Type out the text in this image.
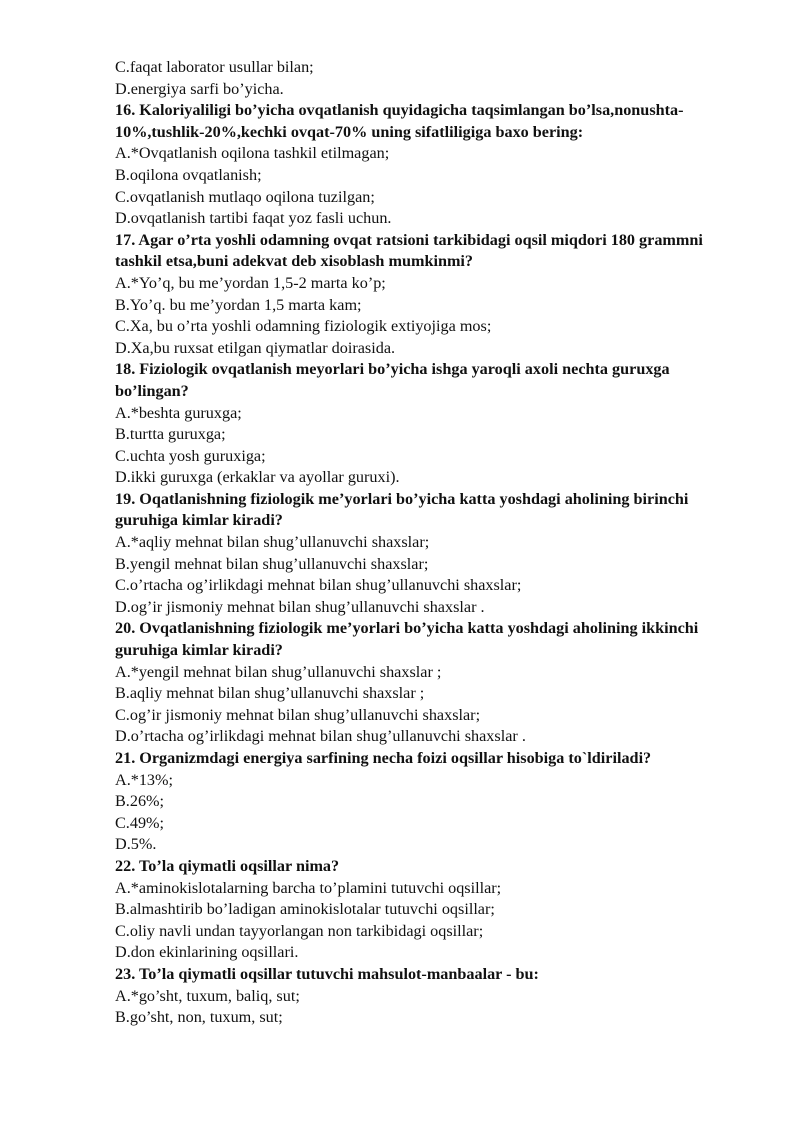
C.faqat laborator usullar bilan;
D.energiya sarfi bo’yicha.
16. Kaloriyaliligi bo’yicha ovqatlanish quyidagicha taqsimlangan bo’lsa,nonushta-10%,tushlik-20%,kechki ovqat-70% uning sifatliligiga baxo bering:
A.*Ovqatlanish oqilona tashkil etilmagan;
B.oqilona ovqatlanish;
C.ovqatlanish mutlaqo oqilona tuzilgan;
D.ovqatlanish tartibi faqat yoz fasli uchun.
17. Agar o’rta yoshli odamning ovqat ratsioni tarkibidagi oqsil miqdori 180 grammni tashkil etsa,buni adekvat deb xisoblash mumkinmi?
A.*Yo’q, bu me’yordan 1,5-2 marta ko’p;
B.Yo’q. bu me’yordan 1,5 marta kam;
C.Xa, bu o’rta yoshli odamning fiziologik extiyojiga mos;
D.Xa,bu ruxsat etilgan qiymatlar doirasida.
18. Fiziologik ovqatlanish meyorlari bo’yicha ishga yaroqli axoli nechta guruxga bo’lingan?
A.*beshta guruxga;
B.turtta guruxga;
C.uchta yosh guruxiga;
D.ikki guruxga (erkaklar va ayollar guruxi).
19. Oqatlanishning fiziologik me’yorlari bo’yicha katta yoshdagi aholining birinchi guruhiga kimlar kiradi?
A.*aqliy mehnat bilan shug’ullanuvchi shaxslar;
B.yengil mehnat bilan shug’ullanuvchi shaxslar;
C.o’rtacha og’irlikdagi mehnat bilan shug’ullanuvchi shaxslar;
D.og’ir jismoniy mehnat bilan shug’ullanuvchi shaxslar .
20. Ovqatlanishning fiziologik me’yorlari bo’yicha katta yoshdagi aholining ikkinchi guruhiga kimlar kiradi?
A.*yengil mehnat bilan shug’ullanuvchi shaxslar ;
B.aqliy mehnat bilan shug’ullanuvchi shaxslar ;
C.og’ir jismoniy mehnat bilan shug’ullanuvchi shaxslar;
D.o’rtacha og’irlikdagi mehnat bilan shug’ullanuvchi shaxslar .
21. Organizmdagi energiya sarfining necha foizi oqsillar hisobiga to`ldiriladi?
A.*13%;
B.26%;
C.49%;
D.5%.
22. To’la qiymatli oqsillar nima?
A.*aminokislotalarning barcha to’plamini tutuvchi oqsillar;
B.almashtirib bo’ladigan aminokislotalar tutuvchi oqsillar;
C.oliy navli undan tayyorlangan non tarkibidagi oqsillar;
D.don ekinlarining oqsillari.
23. To’la qiymatli oqsillar tutuvchi mahsulot-manbaalar - bu:
A.*go’sht, tuxum, baliq, sut;
B.go’sht, non, tuxum, sut;
